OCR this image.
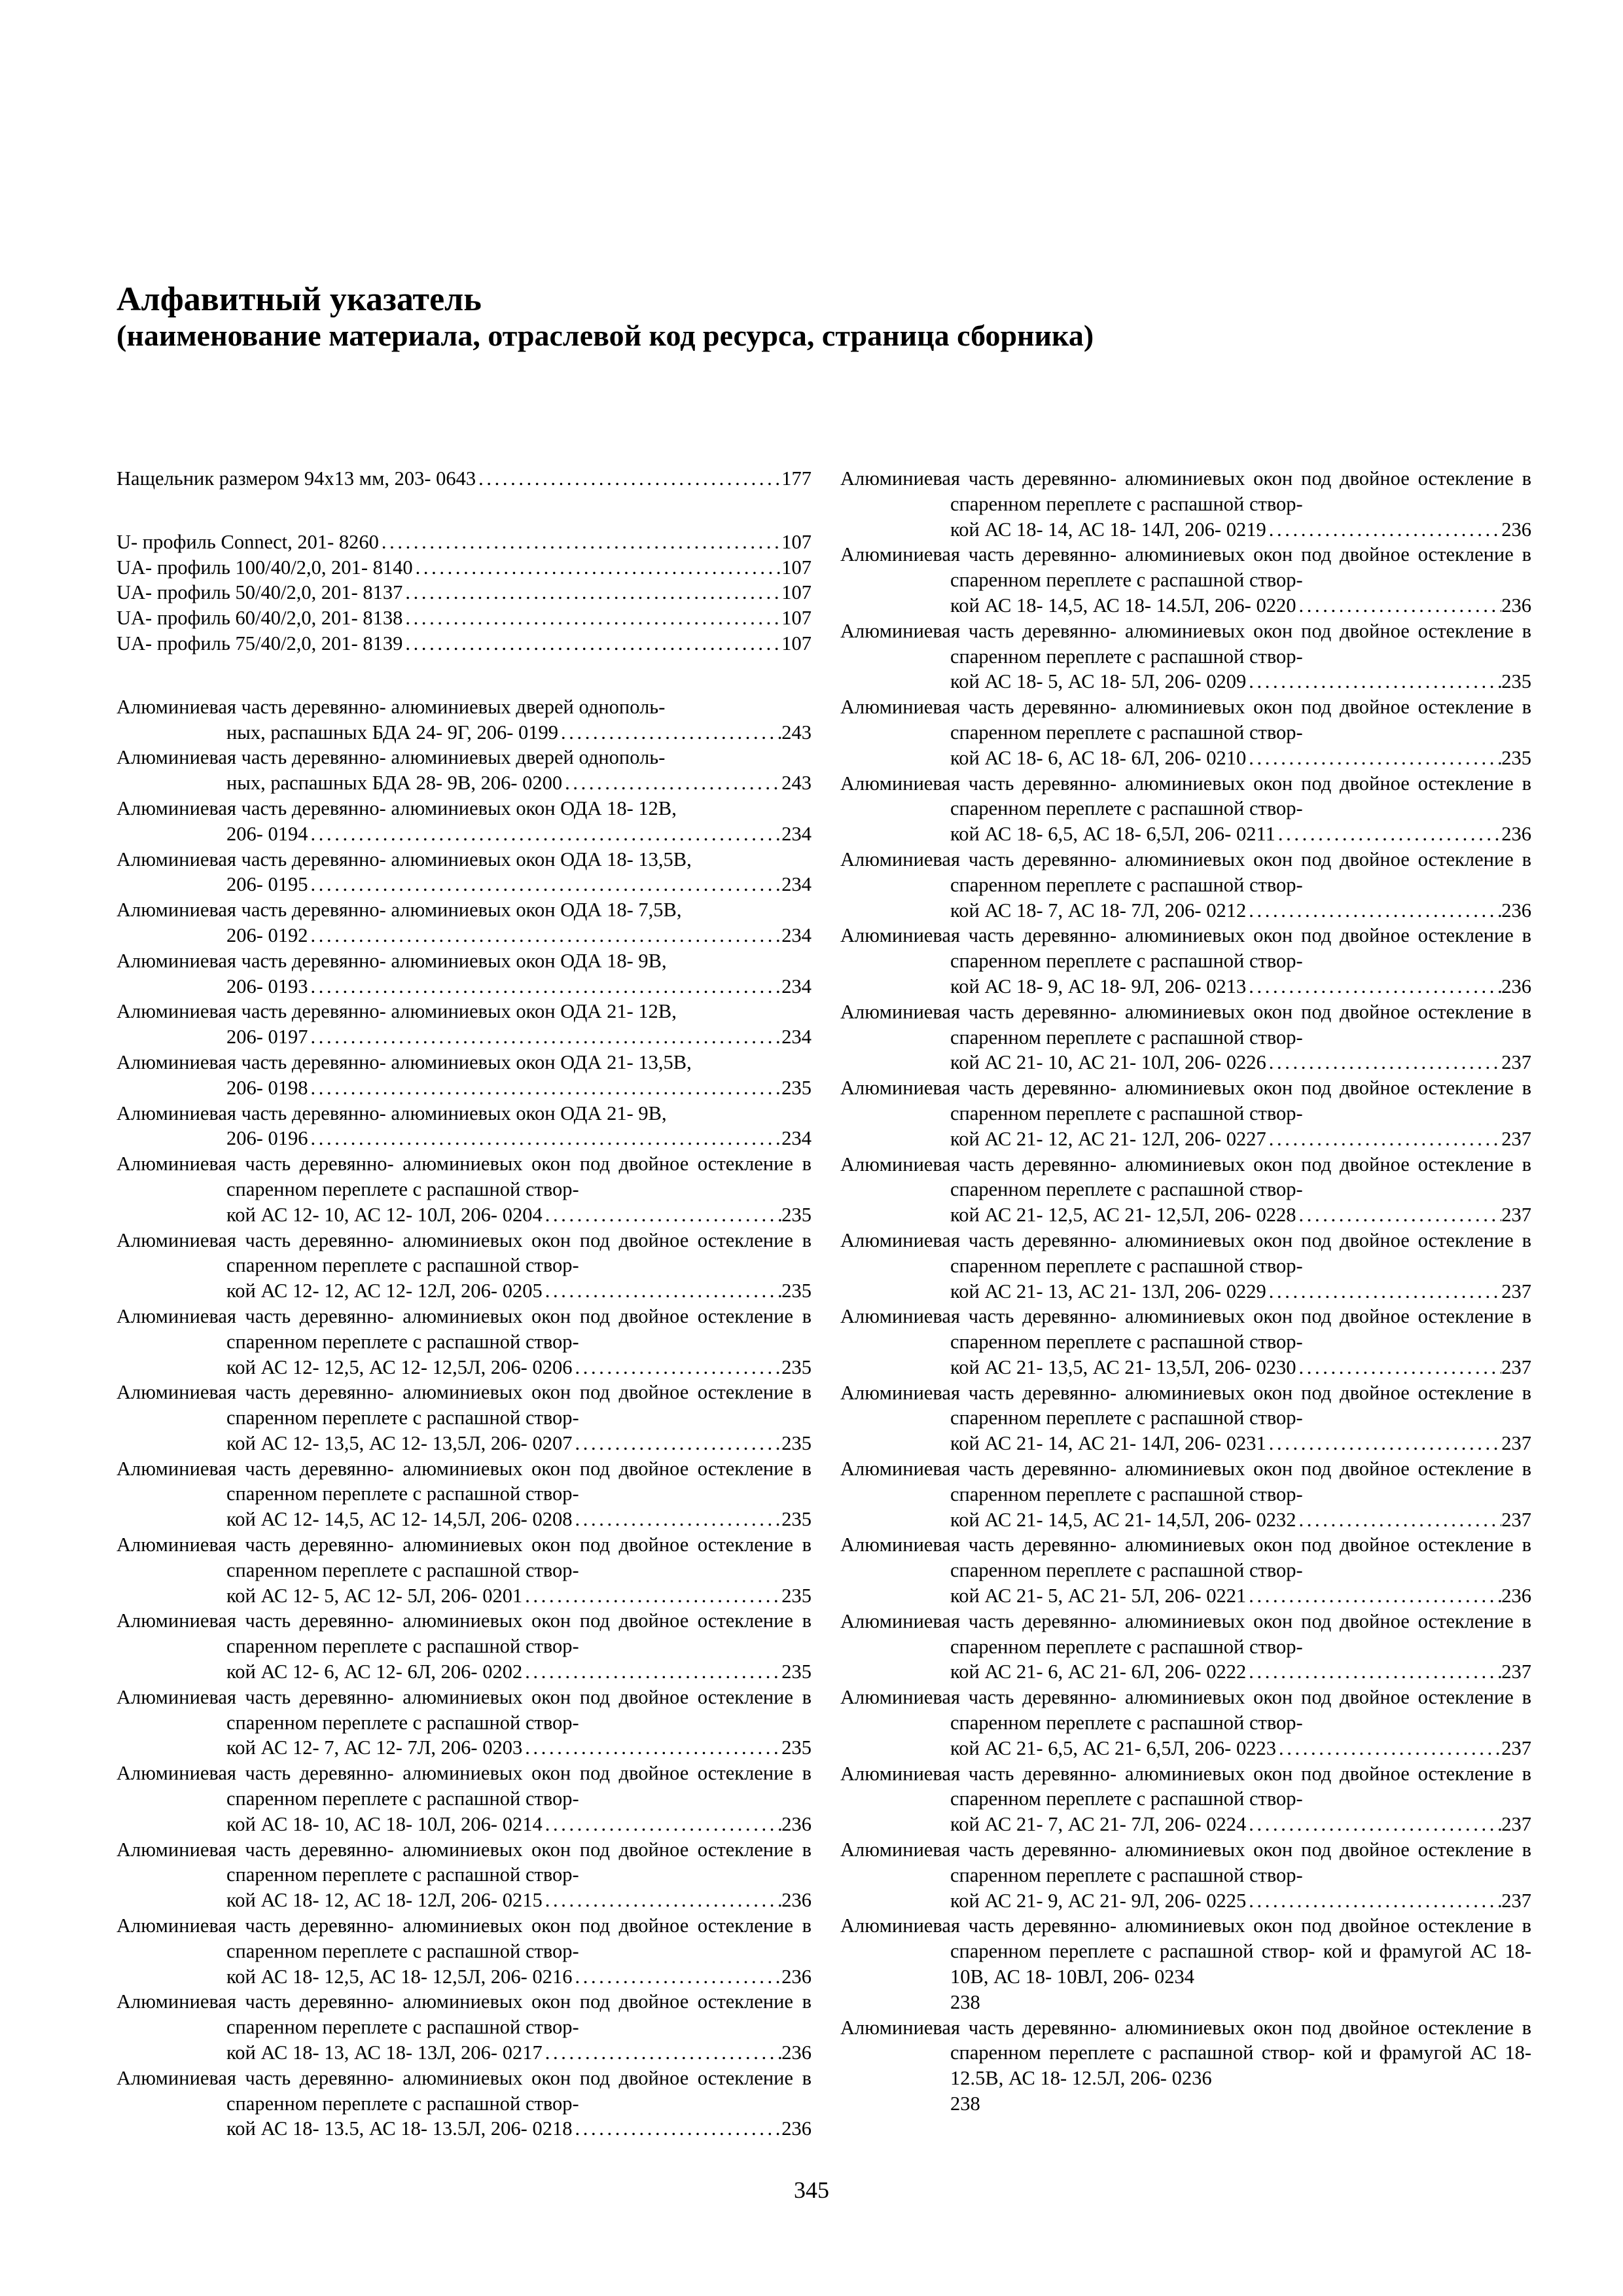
Алфавитный указатель
(наименование материала, отраслевой код ресурса, страница сборника)
Нащельник размером 94х13 мм, 203- 0643 . . .	177
U- профиль Connect, 201- 8260 . . .	107
UA- профиль 100/40/2,0, 201- 8140 . . .	107
UA- профиль 50/40/2,0, 201- 8137 . . .	107
UA- профиль 60/40/2,0, 201- 8138 . . .	107
UA- профиль 75/40/2,0, 201- 8139 . . .	107
Алюминиевая часть деревянно- алюминиевых дверей однополь-
ных, распашных БДА 24- 9Г, 206- 0199 . . .	243
Алюминиевая часть деревянно- алюминиевых дверей однополь-
ных, распашных БДА 28- 9В, 206- 0200 . . .	243
Алюминиевая часть деревянно- алюминиевых окон ОДА 18- 12В,
206- 0194 . . .	234
Алюминиевая часть деревянно- алюминиевых окон ОДА 18- 13,5В,
206- 0195 . . .	234
Алюминиевая часть деревянно- алюминиевых окон ОДА 18- 7,5В,
206- 0192 . . .	234
Алюминиевая часть деревянно- алюминиевых окон ОДА 18- 9В,
206- 0193 . . .	234
Алюминиевая часть деревянно- алюминиевых окон ОДА 21- 12В,
206- 0197 . . .	234
Алюминиевая часть деревянно- алюминиевых окон ОДА 21- 13,5В,
206- 0198 . . .	235
Алюминиевая часть деревянно- алюминиевых окон ОДА 21- 9В,
206- 0196 . . .	234
Алюминиевая часть деревянно- алюминиевых окон под двойное остекление в спаренном переплете с распашной створ-
кой АС 12- 10, АС 12- 10Л, 206- 0204 . . .	235
Алюминиевая часть деревянно- алюминиевых окон под двойное остекление в спаренном переплете с распашной створ-
кой АС 12- 12, АС 12- 12Л, 206- 0205 . . .	235
Алюминиевая часть деревянно- алюминиевых окон под двойное остекление в спаренном переплете с распашной створ-
кой АС 12- 12,5, АС 12- 12,5Л, 206- 0206 . . .	235
Алюминиевая часть деревянно- алюминиевых окон под двойное остекление в спаренном переплете с распашной створ-
кой АС 12- 13,5, АС 12- 13,5Л, 206- 0207 . . .	235
Алюминиевая часть деревянно- алюминиевых окон под двойное остекление в спаренном переплете с распашной створ-
кой АС 12- 14,5, АС 12- 14,5Л, 206- 0208 . . .	235
Алюминиевая часть деревянно- алюминиевых окон под двойное остекление в спаренном переплете с распашной створ-
кой АС 12- 5, АС 12- 5Л, 206- 0201 . . .	235
Алюминиевая часть деревянно- алюминиевых окон под двойное остекление в спаренном переплете с распашной створ-
кой АС 12- 6, АС 12- 6Л, 206- 0202 . . .	235
Алюминиевая часть деревянно- алюминиевых окон под двойное остекление в спаренном переплете с распашной створ-
кой АС 12- 7, АС 12- 7Л, 206- 0203 . . .	235
Алюминиевая часть деревянно- алюминиевых окон под двойное остекление в спаренном переплете с распашной створ-
кой АС 18- 10, АС 18- 10Л, 206- 0214 . . .	236
Алюминиевая часть деревянно- алюминиевых окон под двойное остекление в спаренном переплете с распашной створ-
кой АС 18- 12, АС 18- 12Л, 206- 0215 . . .	236
Алюминиевая часть деревянно- алюминиевых окон под двойное остекление в спаренном переплете с распашной створ-
кой АС 18- 12,5, АС 18- 12,5Л, 206- 0216 . . .	236
Алюминиевая часть деревянно- алюминиевых окон под двойное остекление в спаренном переплете с распашной створ-
кой АС 18- 13, АС 18- 13Л, 206- 0217 . . .	236
Алюминиевая часть деревянно- алюминиевых окон под двойное остекление в спаренном переплете с распашной створ-
кой АС 18- 13.5, АС 18- 13.5Л, 206- 0218 . . .	236
Алюминиевая часть деревянно- алюминиевых окон под двойное остекление в спаренном переплете с распашной створ-
кой АС 18- 14, АС 18- 14Л, 206- 0219 . . .	236
Алюминиевая часть деревянно- алюминиевых окон под двойное остекление в спаренном переплете с распашной створ-
кой АС 18- 14,5, АС 18- 14.5Л, 206- 0220 . . .	236
Алюминиевая часть деревянно- алюминиевых окон под двойное остекление в спаренном переплете с распашной створ-
кой АС 18- 5, АС 18- 5Л, 206- 0209 . . .	235
Алюминиевая часть деревянно- алюминиевых окон под двойное остекление в спаренном переплете с распашной створ-
кой АС 18- 6, АС 18- 6Л, 206- 0210 . . .	235
Алюминиевая часть деревянно- алюминиевых окон под двойное остекление в спаренном переплете с распашной створ-
кой АС 18- 6,5, АС 18- 6,5Л, 206- 0211 . . .	236
Алюминиевая часть деревянно- алюминиевых окон под двойное остекление в спаренном переплете с распашной створ-
кой АС 18- 7, АС 18- 7Л, 206- 0212 . . .	236
Алюминиевая часть деревянно- алюминиевых окон под двойное остекление в спаренном переплете с распашной створ-
кой АС 18- 9, АС 18- 9Л, 206- 0213 . . .	236
Алюминиевая часть деревянно- алюминиевых окон под двойное остекление в спаренном переплете с распашной створ-
кой АС 21- 10, АС 21- 10Л, 206- 0226 . . .	237
Алюминиевая часть деревянно- алюминиевых окон под двойное остекление в спаренном переплете с распашной створ-
кой АС 21- 12, АС 21- 12Л, 206- 0227 . . .	237
Алюминиевая часть деревянно- алюминиевых окон под двойное остекление в спаренном переплете с распашной створ-
кой АС 21- 12,5, АС 21- 12,5Л, 206- 0228 . . .	237
Алюминиевая часть деревянно- алюминиевых окон под двойное остекление в спаренном переплете с распашной створ-
кой АС 21- 13, АС 21- 13Л, 206- 0229 . . .	237
Алюминиевая часть деревянно- алюминиевых окон под двойное остекление в спаренном переплете с распашной створ-
кой АС 21- 13,5, АС 21- 13,5Л, 206- 0230 . . .	237
Алюминиевая часть деревянно- алюминиевых окон под двойное остекление в спаренном переплете с распашной створ-
кой АС 21- 14, АС 21- 14Л, 206- 0231 . . .	237
Алюминиевая часть деревянно- алюминиевых окон под двойное остекление в спаренном переплете с распашной створ-
кой АС 21- 14,5, АС 21- 14,5Л, 206- 0232 . . .	237
Алюминиевая часть деревянно- алюминиевых окон под двойное остекление в спаренном переплете с распашной створ-
кой АС 21- 5, АС 21- 5Л, 206- 0221 . . .	236
Алюминиевая часть деревянно- алюминиевых окон под двойное остекление в спаренном переплете с распашной створ-
кой АС 21- 6, АС 21- 6Л, 206- 0222 . . .	237
Алюминиевая часть деревянно- алюминиевых окон под двойное остекление в спаренном переплете с распашной створ-
кой АС 21- 6,5, АС 21- 6,5Л, 206- 0223 . . .	237
Алюминиевая часть деревянно- алюминиевых окон под двойное остекление в спаренном переплете с распашной створ-
кой АС 21- 7, АС 21- 7Л, 206- 0224 . . .	237
Алюминиевая часть деревянно- алюминиевых окон под двойное остекление в спаренном переплете с распашной створ-
кой АС 21- 9, АС 21- 9Л, 206- 0225 . . .	237
Алюминиевая часть деревянно- алюминиевых окон под двойное остекление в спаренном переплете с распашной створ- кой и фрамугой АС 18- 10В, АС 18- 10ВЛ, 206- 0234
238
Алюминиевая часть деревянно- алюминиевых окон под двойное остекление в спаренном переплете с распашной створ- кой и фрамугой АС 18- 12.5В, АС 18- 12.5Л, 206- 0236
238
345
